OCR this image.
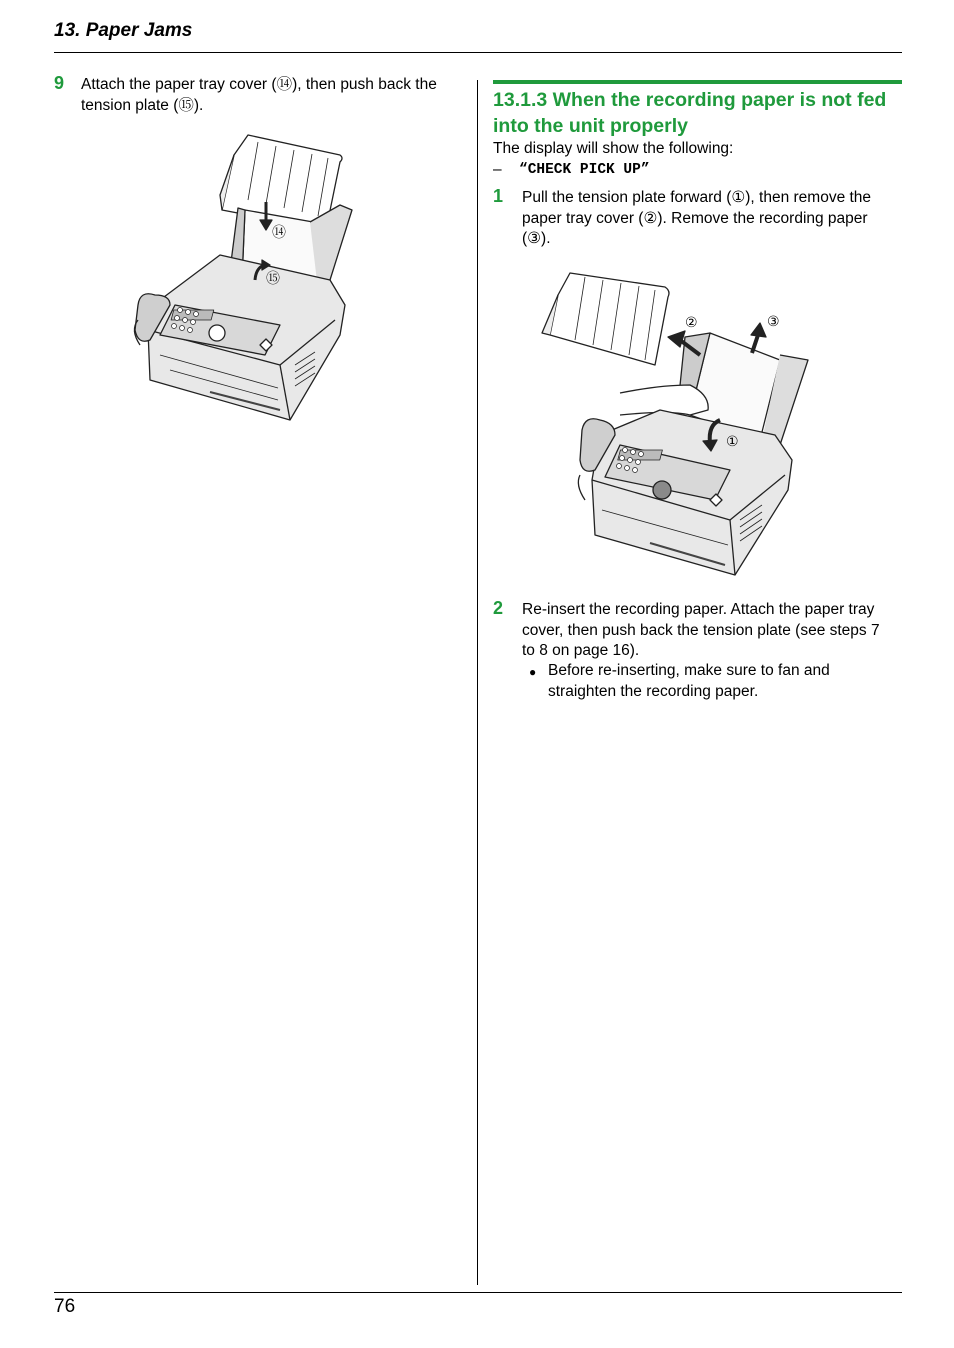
13. Paper Jams
76
9 Attach the paper tray cover (⑭), then push back the
tension plate (⑮).
⑭
⑮
13.1.3 When the recording paper is not fed
into the unit properly
The display will show the following:
– “CHECK PICK UP”
1 Pull the tension plate forward (①), then remove the
paper tray cover (②). Remove the recording paper
(③).
②	③
①
2 Re-insert the recording paper. Attach the paper tray
cover, then push back the tension plate (see steps 7
to 8 on page 16).
● Before re-inserting, make sure to fan and
straighten the recording paper.
